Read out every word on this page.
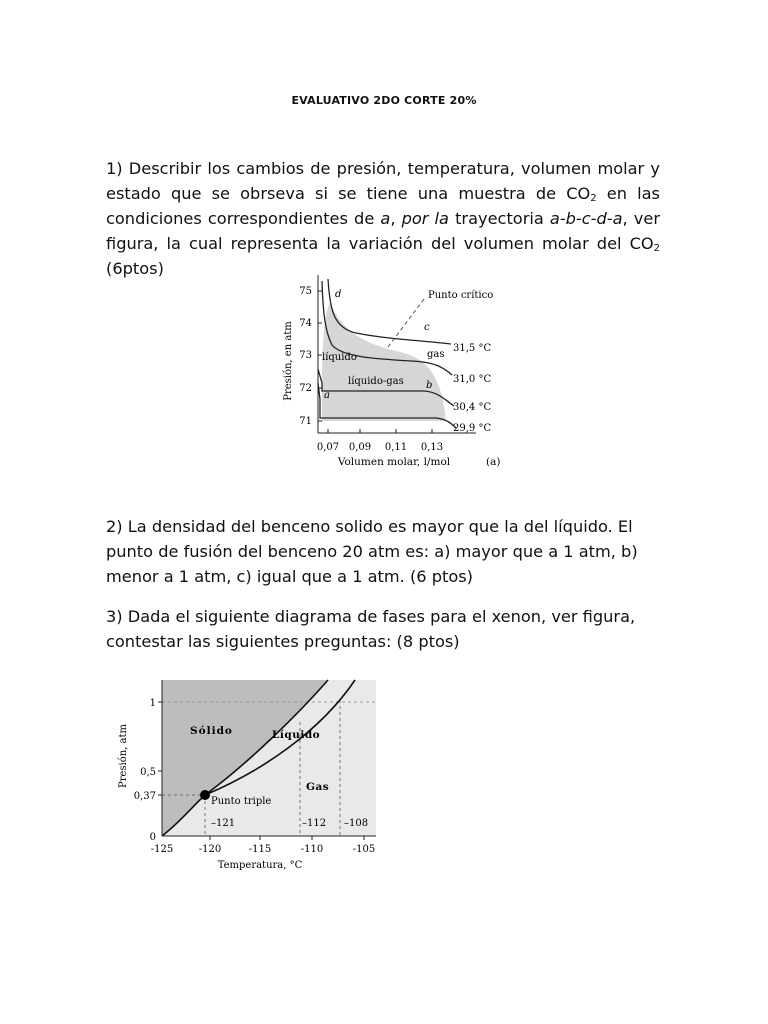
EVALUATIVO 2DO CORTE 20%
1) Describir los cambios de presión, temperatura, volumen molar y estado que se obrseva si se tiene una muestra de $CO_2$ en las condiciones correspondientes de a, por la trayectoria a-b-c-d-a, ver figura, la cual representa la variación del volumen molar del $CO_2$ (6ptos)
75
74
73
72
71
0,07 0,09 0,11 0,13
Volumen molar, l/mol	(a)
Presión, en atm
Punto crítico
d
c
b
a
líquido
líquido-gas
gas
31,5 °C
31,0 °C
30,4 °C
29,9 °C
2) La densidad del benceno solido es mayor que la del líquido. El punto de fusión del benceno 20 atm es: a) mayor que a 1 atm, b) menor a 1 atm, c) igual que a 1 atm. (6 ptos)
3) Dada el siguiente diagrama de fases para el xenon, ver figura, contestar las siguientes preguntas: (8 ptos)
1
0,5
0,37
0
-125	-120	-115	-110	-105
Temperatura, °C
Presión, atm	Sólido	Líquido
Gas
Punto triple
–121	–112 –108
